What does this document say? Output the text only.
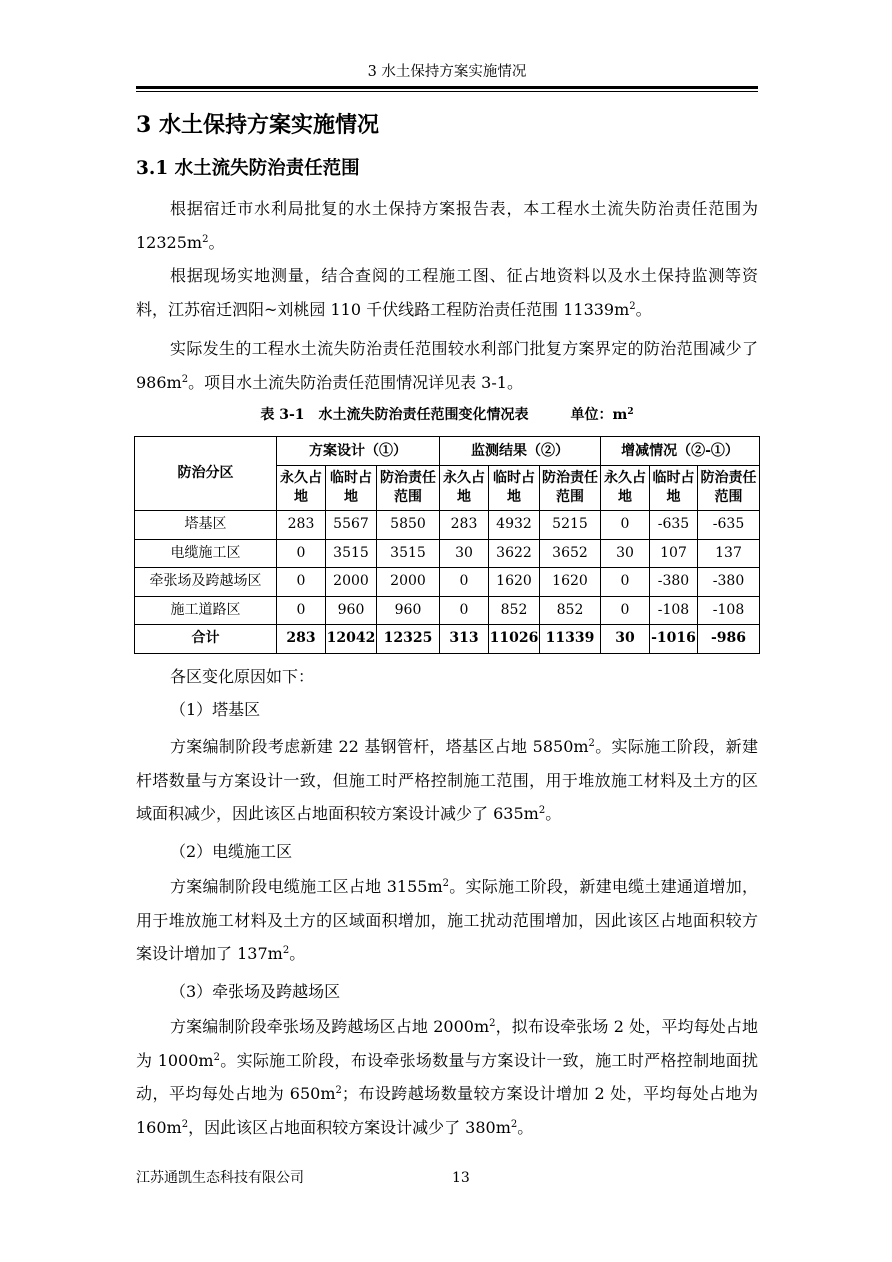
3 水土保持方案实施情况
3 水土保持方案实施情况
3.1 水土流失防治责任范围

根据宿迁市水利局批复的水土保持方案报告表，本工程水土流失防治责任范围为 $12325m^2$。

根据现场实地测量，结合查阅的工程施工图、征占地资料以及水土保持监测等资料，江苏宿迁泗阳~刘桃园 110 千伏线路工程防治责任范围 $11339m^2$。

实际发生的工程水土流失防治责任范围较水利部门批复方案界定的防治范围减少了 $986m^2$。项目水土流失防治责任范围情况详见表 3-1。

表 3-1 水土流失防治责任范围变化情况表	单位：$m^2$
防治分区	方案设计（①）			监测结果（②）			增减情况（②-①）		
	永久占地	临时占地	防治责任范围	永久占地	临时占地	防治责任范围	永久占地	临时占地	防治责任范围
塔基区	283	5567	5850	283	4932	5215	0	-635	-635
电缆施工区	0	3515	3515	30	3622	3652	30	107	137
牵张场及跨越场区	0	2000	2000	0	1620	1620	0	-380	-380
施工道路区	0	960	960	0	852	852	0	-108	-108
合计	283	12042	12325	313	11026	11339	30	-1016	-986
各区变化原因如下：
（1）塔基区

方案编制阶段考虑新建 22 基钢管杆，塔基区占地 $5850m^2$。实际施工阶段，新建杆塔数量与方案设计一致，但施工时严格控制施工范围，用于堆放施工材料及土方的区域面积减少，因此该区占地面积较方案设计减少了 $635m^2$。

（2）电缆施工区

方案编制阶段电缆施工区占地 $3155m^2$。实际施工阶段，新建电缆土建通道增加，用于堆放施工材料及土方的区域面积增加，施工扰动范围增加，因此该区占地面积较方案设计增加了 $137m^2$。

（3）牵张场及跨越场区

方案编制阶段牵张场及跨越场区占地 $2000m^2$，拟布设牵张场 2 处，平均每处占地为 $1000m^2$。实际施工阶段，布设牵张场数量与方案设计一致，施工时严格控制地面扰动，平均每处占地为 $650m^2$；布设跨越场数量较方案设计增加 2 处，平均每处占地为 $160m^2$，因此该区占地面积较方案设计减少了 $380m^2$。

江苏通凯生态科技有限公司	13
